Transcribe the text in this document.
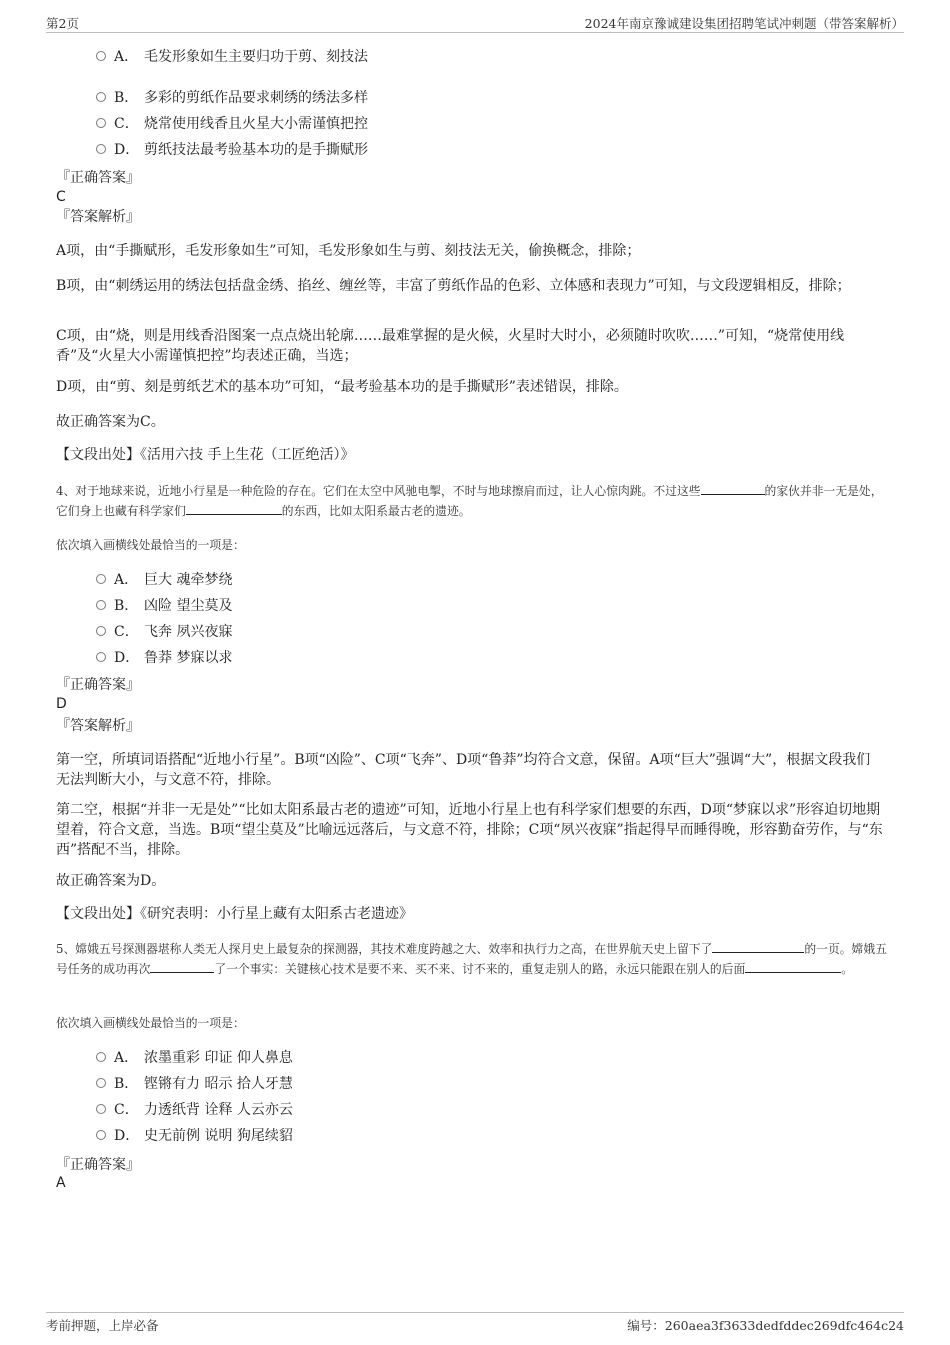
第2页	2024年南京豫诚建设集团招聘笔试冲刺题（带答案解析）
A． 毛发形象如生主要归功于剪、刻技法
B． 多彩的剪纸作品要求刺绣的绣法多样
C． 烧常使用线香且火星大小需谨慎把控
D． 剪纸技法最考验基本功的是手撕赋形
『正确答案』
C
『答案解析』
A项，由“手撕赋形，毛发形象如生”可知，毛发形象如生与剪、刻技法无关，偷换概念，排除；
B项，由“刺绣运用的绣法包括盘金绣、掐丝、缠丝等，丰富了剪纸作品的色彩、立体感和表现力”可知，与文段逻辑相反，排除；
C项，由“烧，则是用线香沿图案一点点烧出轮廓……最难掌握的是火候，火星时大时小，必须随时吹吹……”可知，“烧常使用线香”及“火星大小需谨慎把控”均表述正确，当选；
D项，由“剪、刻是剪纸艺术的基本功”可知，“最考验基本功的是手撕赋形”表述错误，排除。
故正确答案为C。
【文段出处】《活用六技 手上生花（工匠绝活）》
4、对于地球来说，近地小行星是一种危险的存在。它们在太空中风驰电掣，不时与地球擦肩而过，让人心惊肉跳。不过这些	的家伙并非一无是处，它们身上也藏有科学家们	的东西，比如太阳系最古老的遗迹。
依次填入画横线处最恰当的一项是：
A． 巨大 魂牵梦绕
B． 凶险 望尘莫及
C． 飞奔 夙兴夜寐
D． 鲁莽 梦寐以求
『正确答案』
D
『答案解析』
第一空，所填词语搭配“近地小行星”。B项“凶险”、C项“飞奔”、D项“鲁莽”均符合文意，保留。A项“巨大”强调“大”，根据文段我们无法判断大小，与文意不符，排除。
第二空，根据“并非一无是处”“比如太阳系最古老的遗迹”可知，近地小行星上也有科学家们想要的东西，D项“梦寐以求”形容迫切地期望着，符合文意，当选。B项“望尘莫及”比喻远远落后，与文意不符，排除；C项“夙兴夜寐”指起得早而睡得晚，形容勤奋劳作，与“东西”搭配不当，排除。
故正确答案为D。
【文段出处】《研究表明：小行星上藏有太阳系古老遗迹》
5、嫦娥五号探测器堪称人类无人探月史上最复杂的探测器，其技术难度跨越之大、效率和执行力之高，在世界航天史上留下了	的一页。嫦娥五号任务的成功再次	了一个事实：关键核心技术是要不来、买不来、讨不来的，重复走别人的路，永远只能跟在别人的后面	。
依次填入画横线处最恰当的一项是：
A． 浓墨重彩 印证 仰人鼻息
B． 铿锵有力 昭示 拾人牙慧
C． 力透纸背 诠释 人云亦云
D． 史无前例 说明 狗尾续貂
『正确答案』
A
考前押题，上岸必备	编号：260aea3f3633dedfddec269dfc464c24
